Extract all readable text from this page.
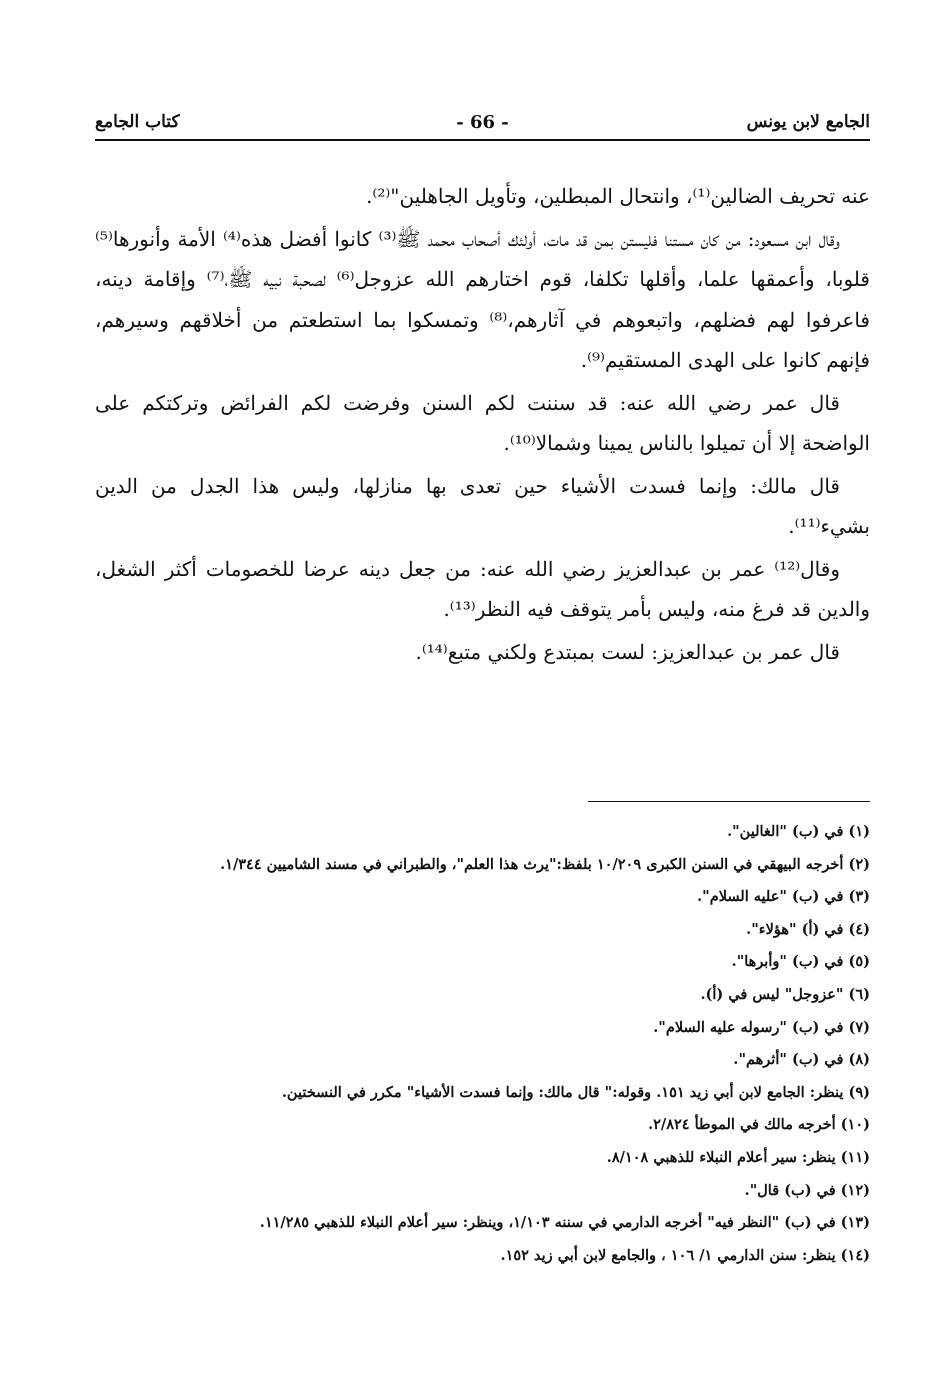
الجامع لابن يونس
- 66 -
كتاب الجامع

عنه تحريف الضالين⁽¹⁾، وانتحال المبطلين، وتأويل الجاهلين"⁽²⁾.

وقال ابن مسعود: من كان مستنا فليستن بمن قد مات، أولئك أصحاب محمد ﷺ⁽³⁾ كانوا أفضل هذه⁽⁴⁾ الأمة وأنورها⁽⁵⁾ قلوبا، وأعمقها علما، وأقلها تكلفا، قوم اختارهم الله عزوجل⁽⁶⁾ لصحبة نبيه ﷺ،⁽⁷⁾ وإقامة دينه، فاعرفوا لهم فضلهم، واتبعوهم في آثارهم،⁽⁸⁾ وتمسكوا بما استطعتم من أخلاقهم وسيرهم، فإنهم كانوا على الهدى المستقيم⁽⁹⁾.

قال عمر رضي الله عنه: قد سننت لكم السنن وفرضت لكم الفرائض وتركتكم على الواضحة إلا أن تميلوا بالناس يمينا وشمالا⁽¹⁰⁾.

قال مالك: وإنما فسدت الأشياء حين تعدى بها منازلها، وليس هذا الجدل من الدين بشيء⁽¹¹⁾.

وقال⁽¹²⁾ عمر بن عبدالعزيز رضي الله عنه: من جعل دينه عرضا للخصومات أكثر الشغل، والدين قد فرغ منه، وليس بأمر يتوقف فيه النظر⁽¹³⁾.

قال عمر بن عبدالعزيز: لست بمبتدع ولكني متبع⁽¹⁴⁾.

(١) في (ب) "الغالين".
(٢) أخرجه البيهقي في السنن الكبرى ١٠/٢٠٩ بلفظ:"يرث هذا العلم"، والطبراني في مسند الشاميين ١/٣٤٤.
(٣) في (ب) "عليه السلام".
(٤) في (أ) "هؤلاء".
(٥) في (ب) "وأبرها".
(٦) "عزوجل" ليس في (أ).
(٧) في (ب) "رسوله عليه السلام".
(٨) في (ب) "أثرهم".
(٩) ينظر: الجامع لابن أبي زيد ١٥١. وقوله:" قال مالك: وإنما فسدت الأشياء" مكرر في النسختين.
(١٠) أخرجه مالك في الموطأ ٢/٨٢٤.
(١١) ينظر: سير أعلام النبلاء للذهبي ٨/١٠٨.
(١٢) في (ب) قال".
(١٣) في (ب) "النظر فيه" أخرجه الدارمي في سننه ١/١٠٣، وينظر: سير أعلام النبلاء للذهبي ١١/٢٨٥.
(١٤) ينظر: سنن الدارمي ١/ ١٠٦ ، والجامع لابن أبي زيد ١٥٢.
